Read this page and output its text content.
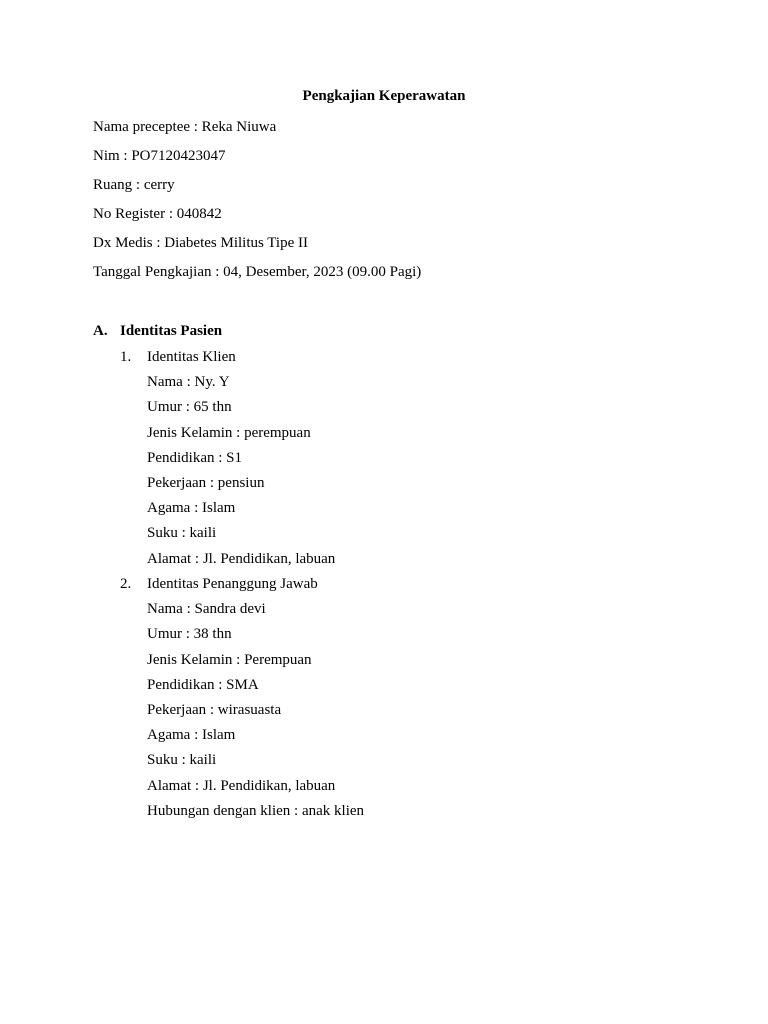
Pengkajian Keperawatan
Nama preceptee : Reka Niuwa
Nim : PO7120423047
Ruang : cerry
No Register : 040842
Dx Medis : Diabetes Militus Tipe II
Tanggal Pengkajian : 04, Desember, 2023 (09.00 Pagi)
A. Identitas Pasien
1. Identitas Klien
Nama : Ny. Y
Umur : 65 thn
Jenis Kelamin : perempuan
Pendidikan : S1
Pekerjaan : pensiun
Agama : Islam
Suku : kaili
Alamat : Jl. Pendidikan, labuan
2. Identitas Penanggung Jawab
Nama : Sandra devi
Umur : 38 thn
Jenis Kelamin : Perempuan
Pendidikan : SMA
Pekerjaan : wirasuasta
Agama : Islam
Suku : kaili
Alamat : Jl. Pendidikan, labuan
Hubungan dengan klien : anak klien
